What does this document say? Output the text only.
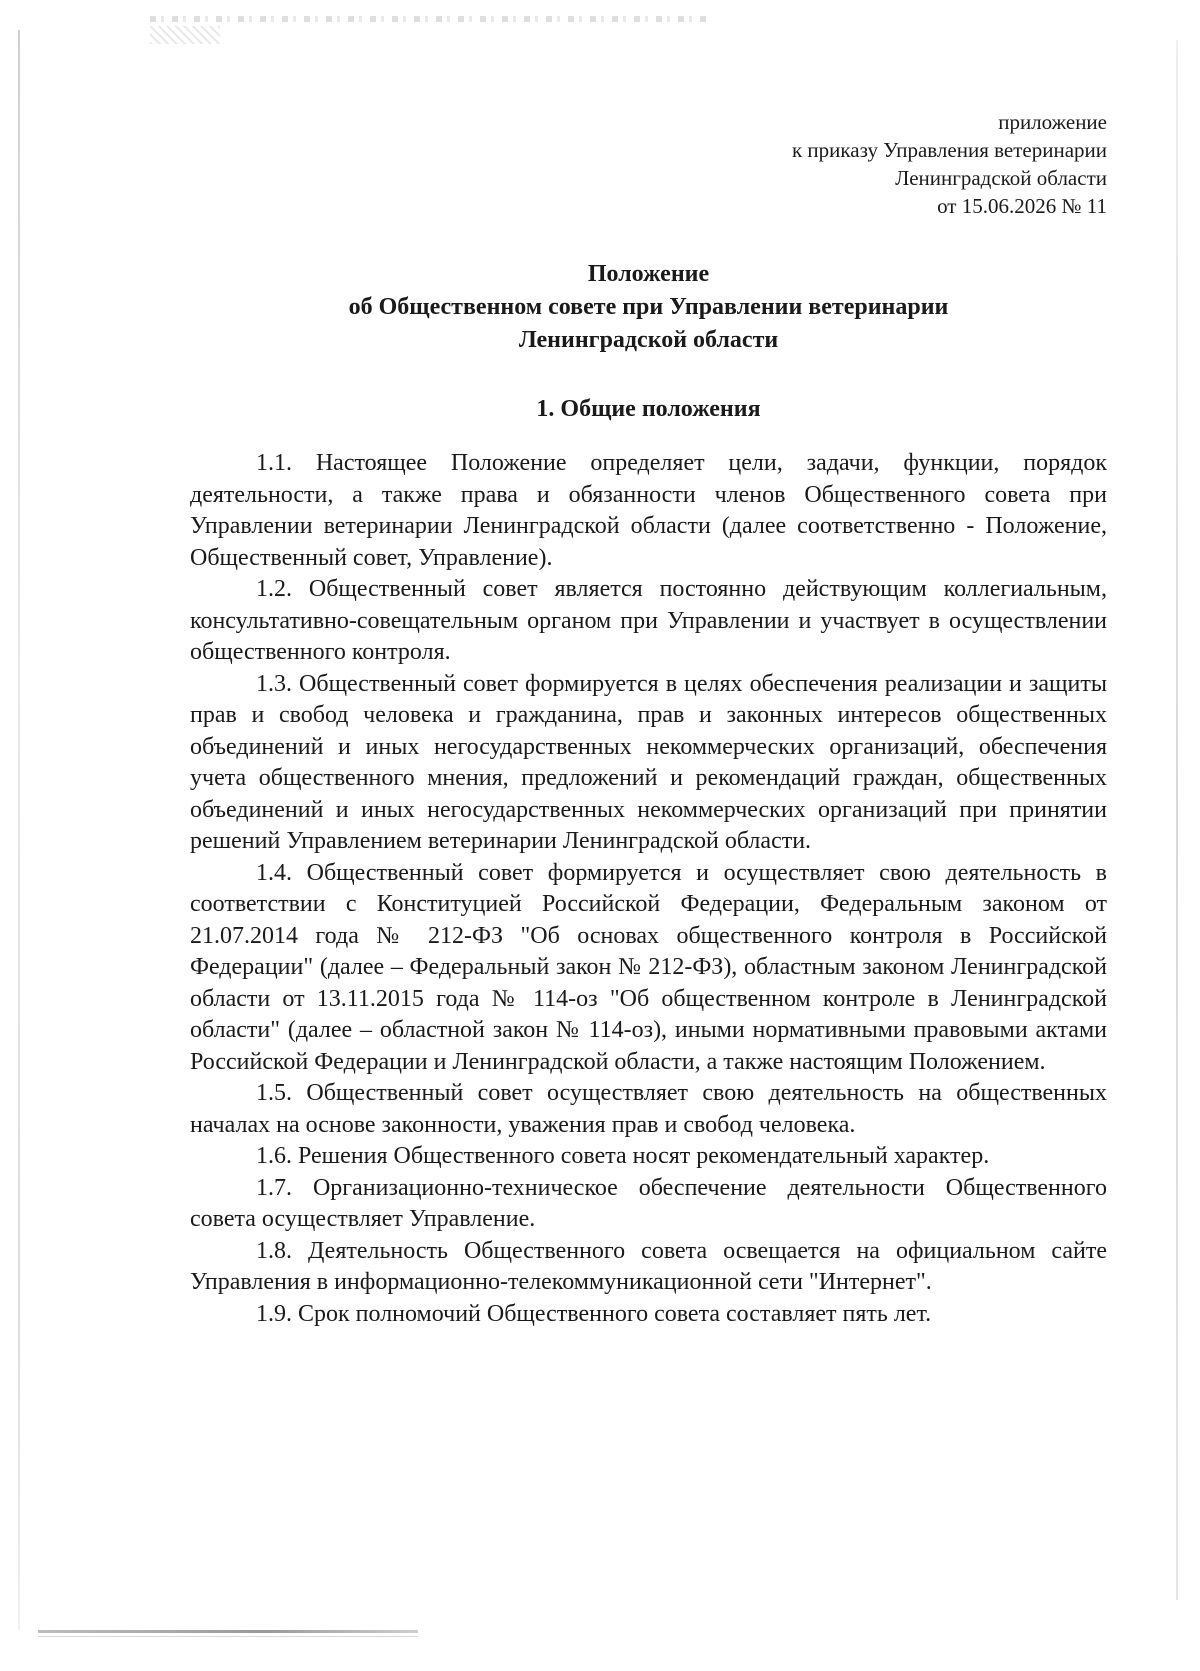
приложение
к приказу Управления ветеринарии
Ленинградской области
от 15.06.2026 № 11
Положение
об Общественном совете при Управлении ветеринарии
Ленинградской области
1. Общие положения

1.1. Настоящее Положение определяет цели, задачи, функции, порядок деятельности, а также права и обязанности членов Общественного совета при Управлении ветеринарии Ленинградской области (далее соответственно - Положение, Общественный совет, Управление).

1.2. Общественный совет является постоянно действующим коллегиальным, консультативно-совещательным органом при Управлении и участвует в осуществлении общественного контроля.

1.3. Общественный совет формируется в целях обеспечения реализации и защиты прав и свобод человека и гражданина, прав и законных интересов общественных объединений и иных негосударственных некоммерческих организаций, обеспечения учета общественного мнения, предложений и рекомендаций граждан, общественных объединений и иных негосударственных некоммерческих организаций при принятии решений Управлением ветеринарии Ленинградской области.

1.4. Общественный совет формируется и осуществляет свою деятельность в соответствии с Конституцией Российской Федерации, Федеральным законом от 21.07.2014 года № 212-ФЗ "Об основах общественного контроля в Российской Федерации" (далее – Федеральный закон № 212-ФЗ), областным законом Ленинградской области от 13.11.2015 года № 114-оз "Об общественном контроле в Ленинградской области" (далее – областной закон № 114-оз), иными нормативными правовыми актами Российской Федерации и Ленинградской области, а также настоящим Положением.

1.5. Общественный совет осуществляет свою деятельность на общественных началах на основе законности, уважения прав и свобод человека.

1.6. Решения Общественного совета носят рекомендательный характер.

1.7. Организационно-техническое обеспечение деятельности Общественного совета осуществляет Управление.

1.8. Деятельность Общественного совета освещается на официальном сайте Управления в информационно-телекоммуникационной сети "Интернет".

1.9. Срок полномочий Общественного совета составляет пять лет.
